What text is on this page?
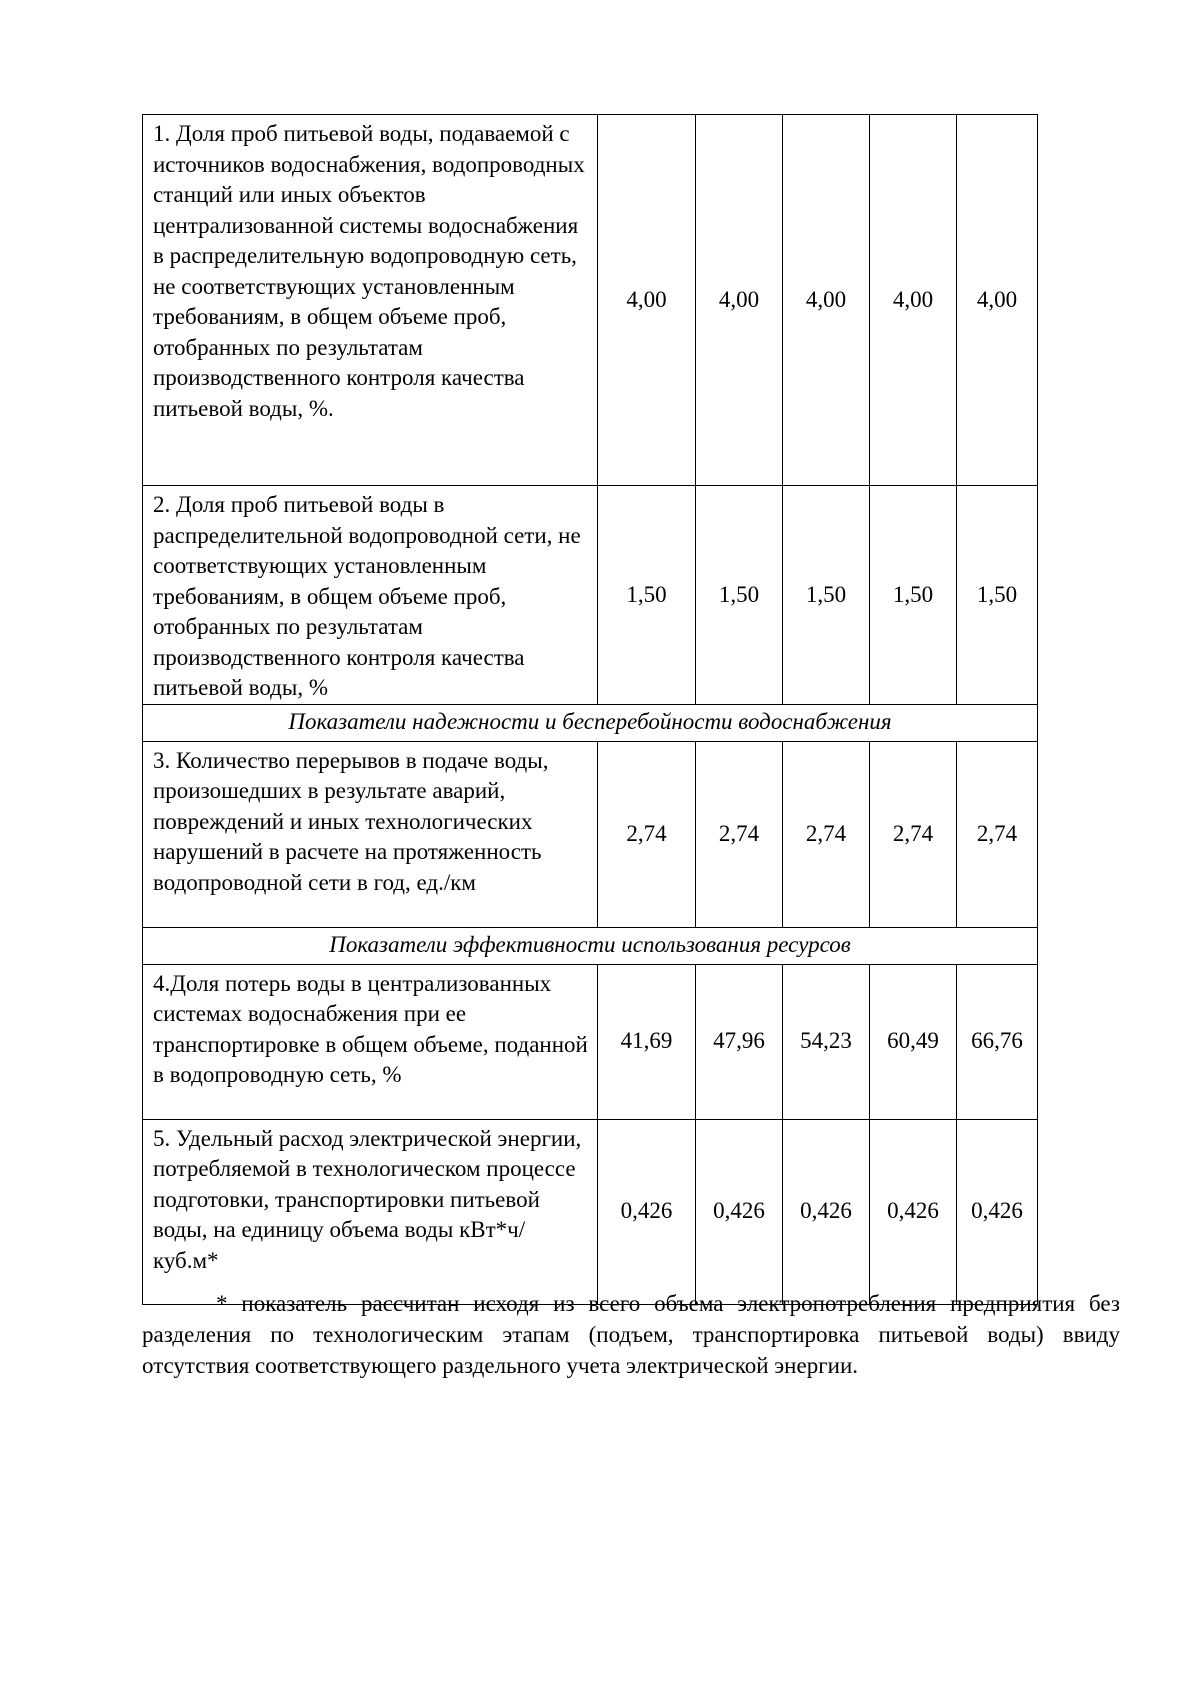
1. Доля проб питьевой воды, подаваемой с источников водоснабжения, водопроводных станций или иных объектов централизованной системы водоснабжения в распределительную водопроводную сеть, не соответствующих установленным требованиям, в общем объеме проб, отобранных по результатам производственного контроля качества питьевой воды, %.	4,00	4,00	4,00	4,00	4,00
2. Доля проб питьевой воды в распределительной водопроводной сети, не соответствующих установленным требованиям, в общем объеме проб, отобранных по результатам производственного контроля качества питьевой воды, %	1,50	1,50	1,50	1,50	1,50
Показатели надежности и бесперебойности водоснабжения					
3. Количество перерывов в подаче воды, произошедших в результате аварий, повреждений и иных технологических нарушений в расчете на протяженность водопроводной сети в год, ед./км	2,74	2,74	2,74	2,74	2,74
Показатели эффективности использования ресурсов					
4.Доля потерь воды в централизованных системах водоснабжения при ее транспортировке в общем объеме, поданной в водопроводную сеть, %	41,69	47,96	54,23	60,49	66,76
5. Удельный расход электрической энергии, потребляемой в технологическом процессе подготовки, транспортировки питьевой воды, на единицу объема воды кВт*ч/куб.м*	0,426	0,426	0,426	0,426	0,426

* показатель рассчитан исходя из всего объема электропотребления предприятия без разделения по технологическим этапам (подъем, транспортировка питьевой воды) ввиду отсутствия соответствующего раздельного учета электрической энергии.
